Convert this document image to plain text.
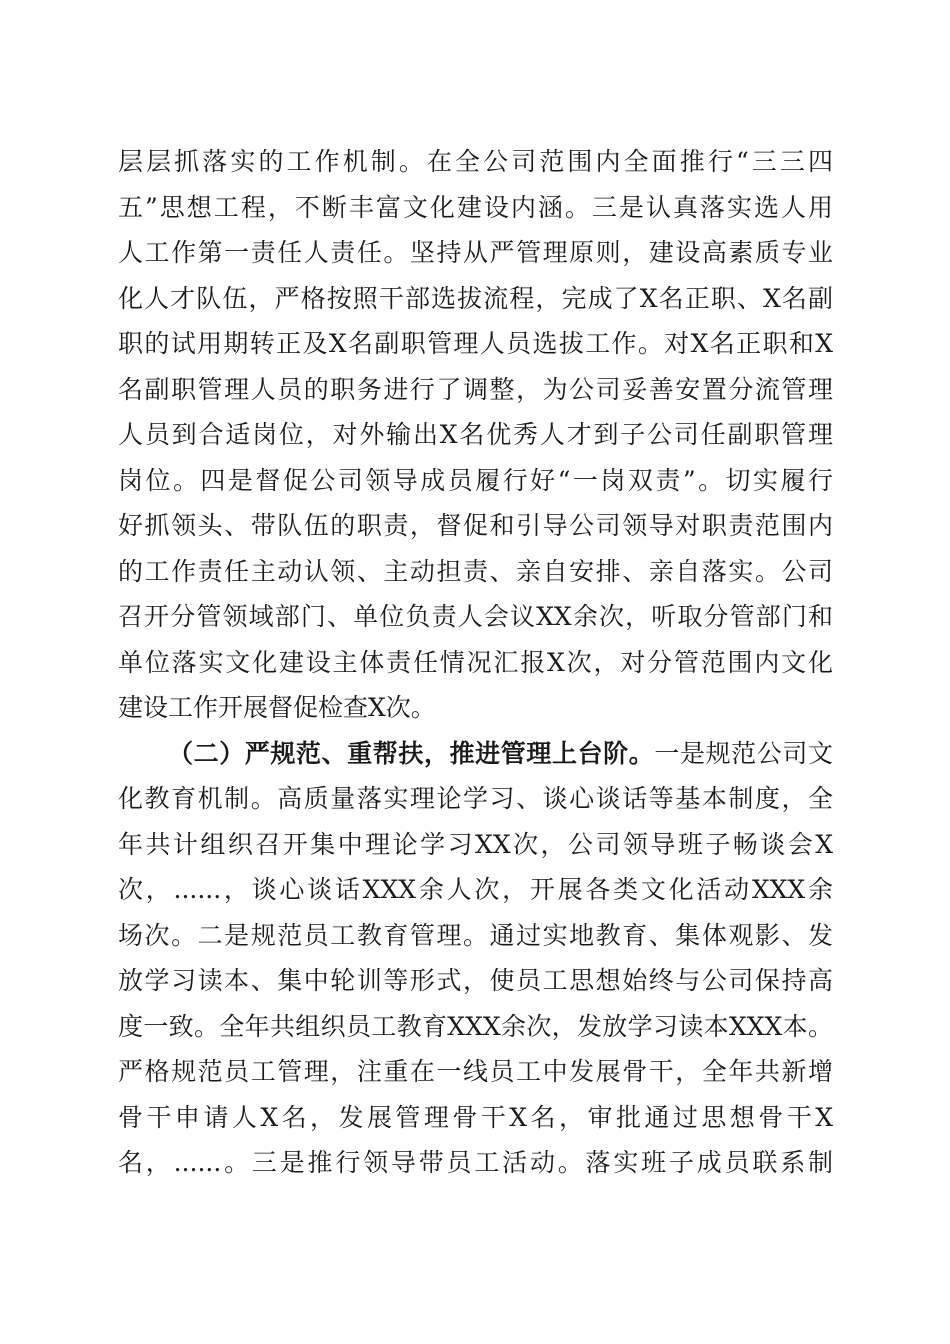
层层抓落实的工作机制。在全公司范围内全面推行“三三四
五”思想工程，不断丰富文化建设内涵。三是认真落实选人用
人工作第一责任人责任。坚持从严管理原则，建设高素质专业
化人才队伍，严格按照干部选拔流程，完成了X名正职、X名副
职的试用期转正及X名副职管理人员选拔工作。对X名正职和X
名副职管理人员的职务进行了调整，为公司妥善安置分流管理
人员到合适岗位，对外输出X名优秀人才到子公司任副职管理
岗位。四是督促公司领导成员履行好“一岗双责”。切实履行
好抓领头、带队伍的职责，督促和引导公司领导对职责范围内
的工作责任主动认领、主动担责、亲自安排、亲自落实。公司
召开分管领域部门、单位负责人会议XX余次，听取分管部门和
单位落实文化建设主体责任情况汇报X次，对分管范围内文化
建设工作开展督促检查X次。
（二）严规范、重帮扶，推进管理上台阶。一是规范公司文
化教育机制。高质量落实理论学习、谈心谈话等基本制度，全
年共计组织召开集中理论学习XX次，公司领导班子畅谈会X
次，......，谈心谈话XXX余人次，开展各类文化活动XXX余
场次。二是规范员工教育管理。通过实地教育、集体观影、发
放学习读本、集中轮训等形式，使员工思想始终与公司保持高
度一致。全年共组织员工教育XXX余次，发放学习读本XXX本。
严格规范员工管理，注重在一线员工中发展骨干，全年共新增
骨干申请人X名，发展管理骨干X名，审批通过思想骨干X
名，......。三是推行领导带员工活动。落实班子成员联系制
